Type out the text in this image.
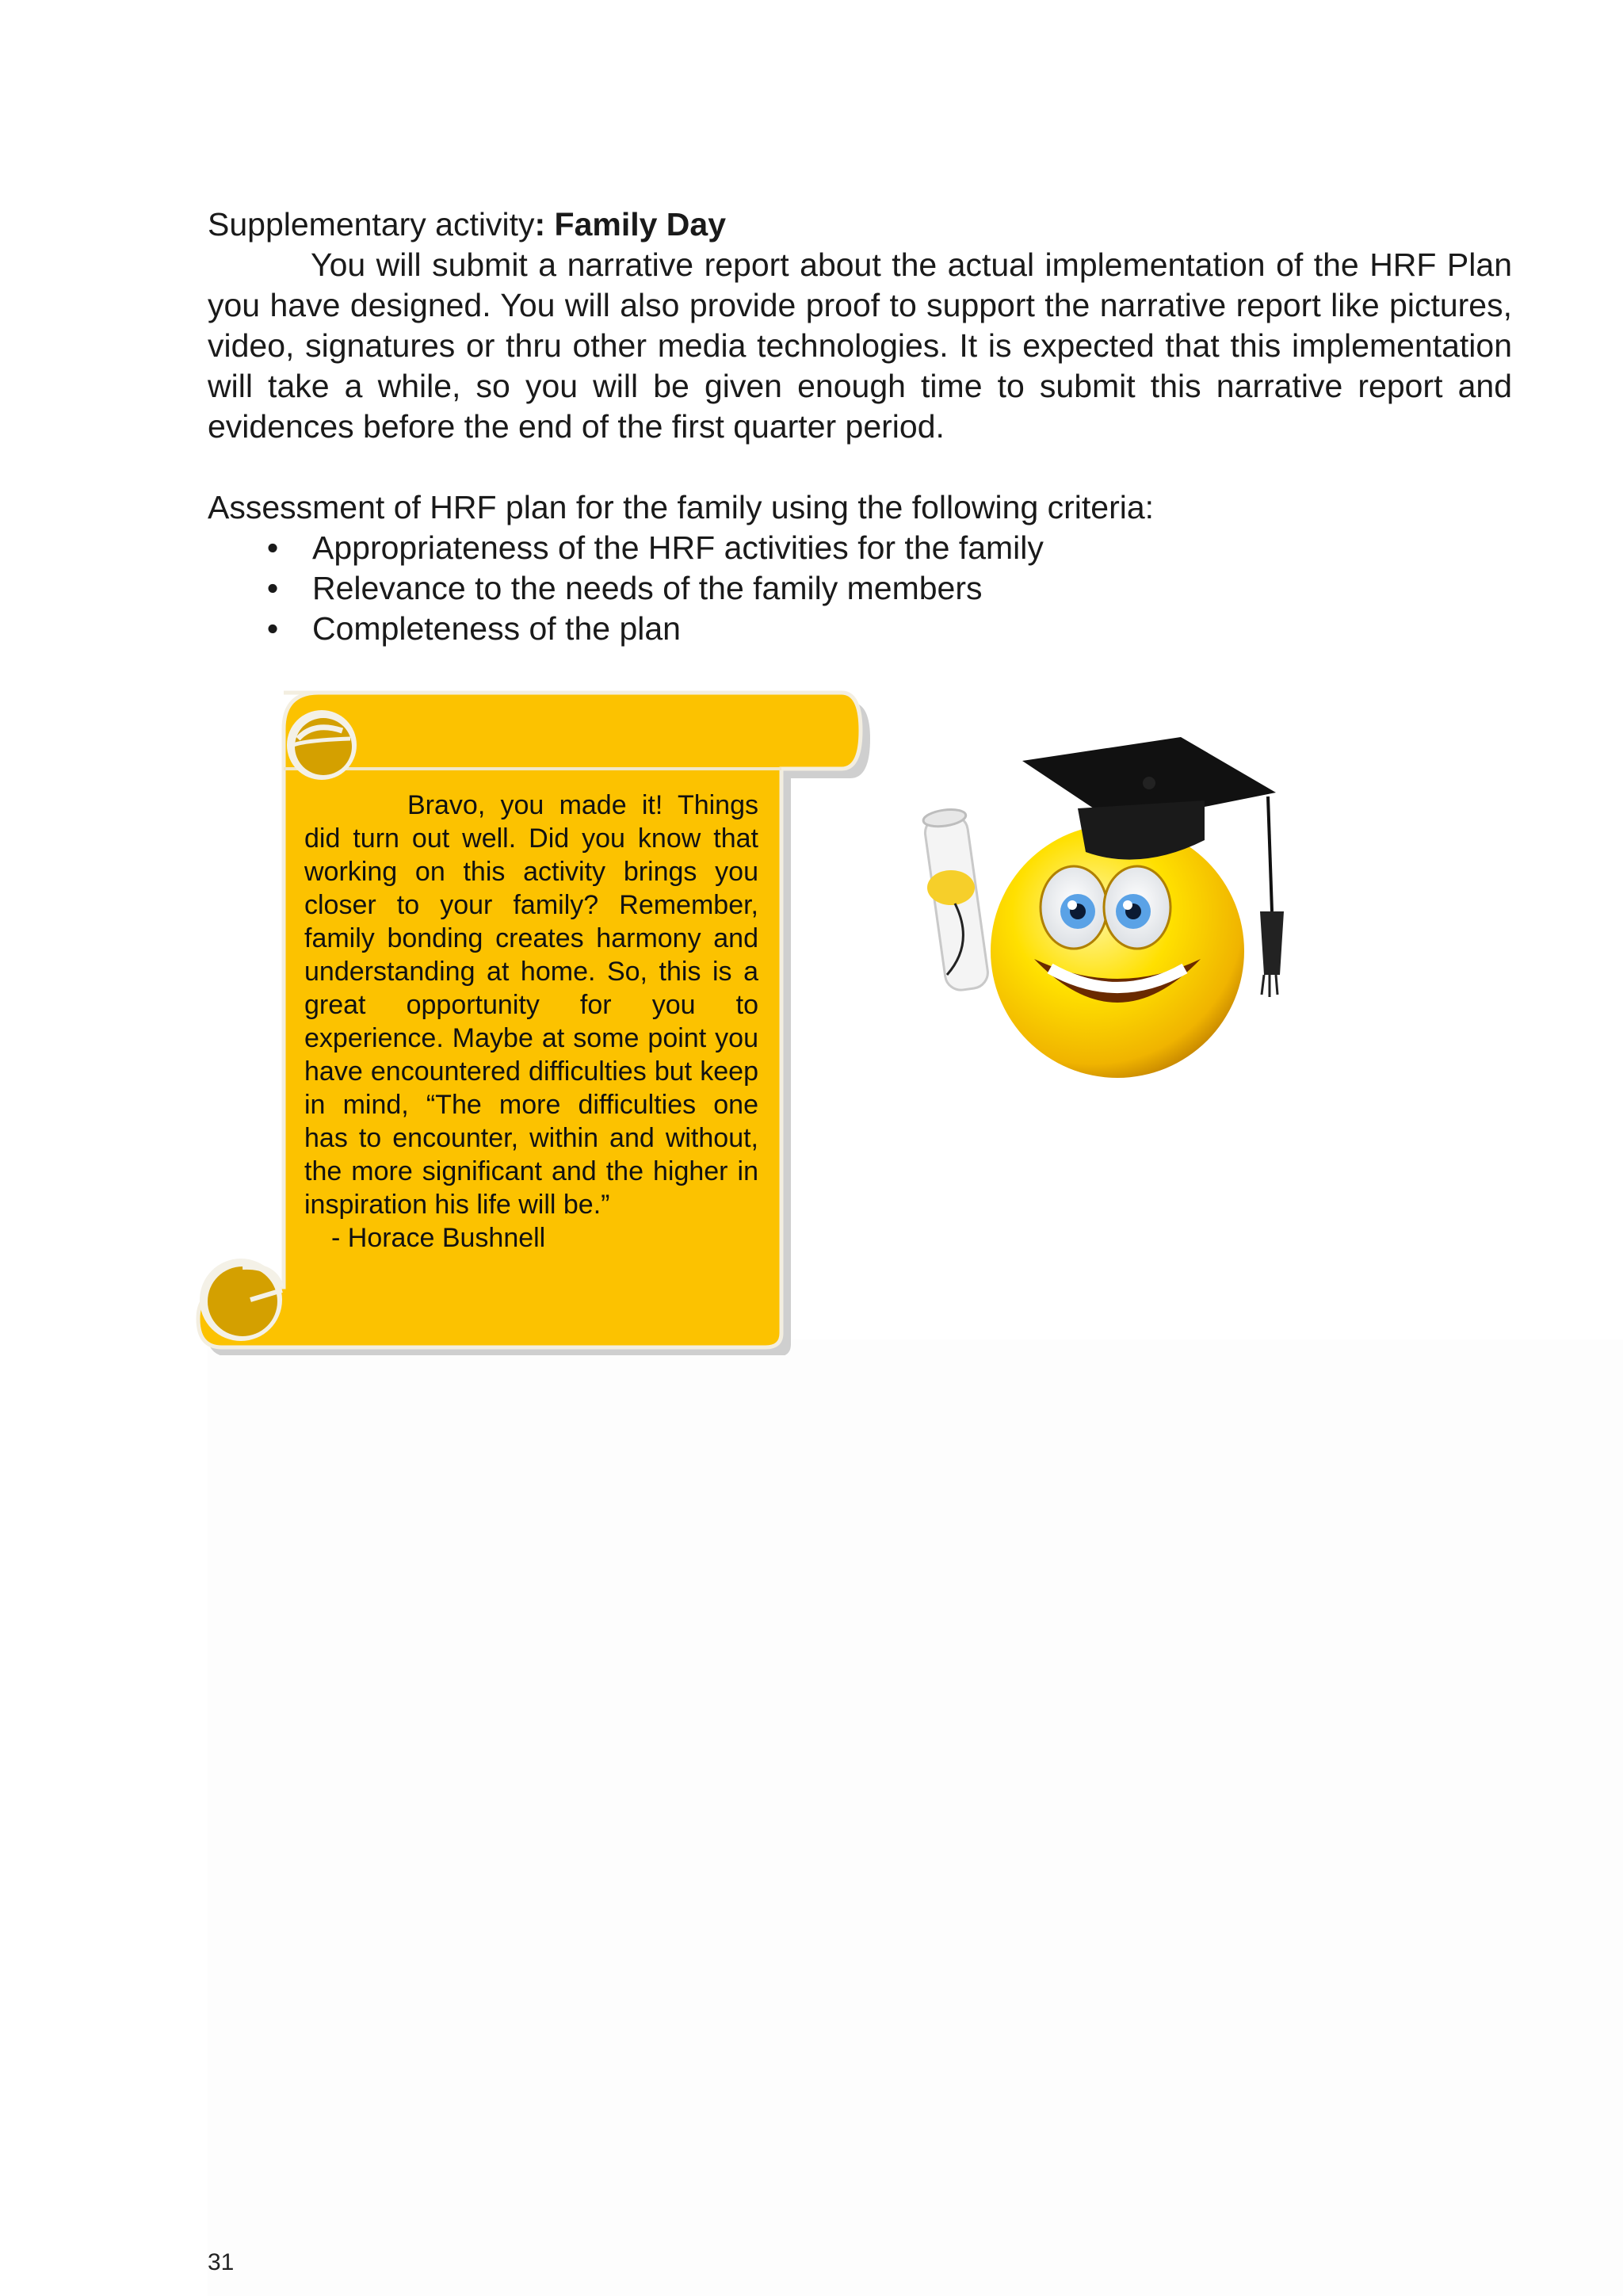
Supplementary activity: Family Day

You will submit a narrative report about the actual implementation of the HRF Plan you have designed. You will also provide proof to support the narrative report like pictures, video, signatures or thru other media technologies. It is expected that this implementation will take a while, so you will be given enough time to submit this narrative report and evidences before the end of the first quarter period.

Assessment of HRF plan for the family using the following criteria:

• Appropriateness of the HRF activities for the family
• Relevance to the needs of the family members
• Completeness of the plan

Bravo, you made it! Things did turn out well. Did you know that working on this activity brings you closer to your family? Remember, family bonding creates harmony and understanding at home. So, this is a great opportunity for you to experience. Maybe at some point you have encountered difficulties but keep in mind, “The more difficulties one has to encounter, within and without, the more significant and the higher in inspiration his life will be.”

- Horace Bushnell

31
